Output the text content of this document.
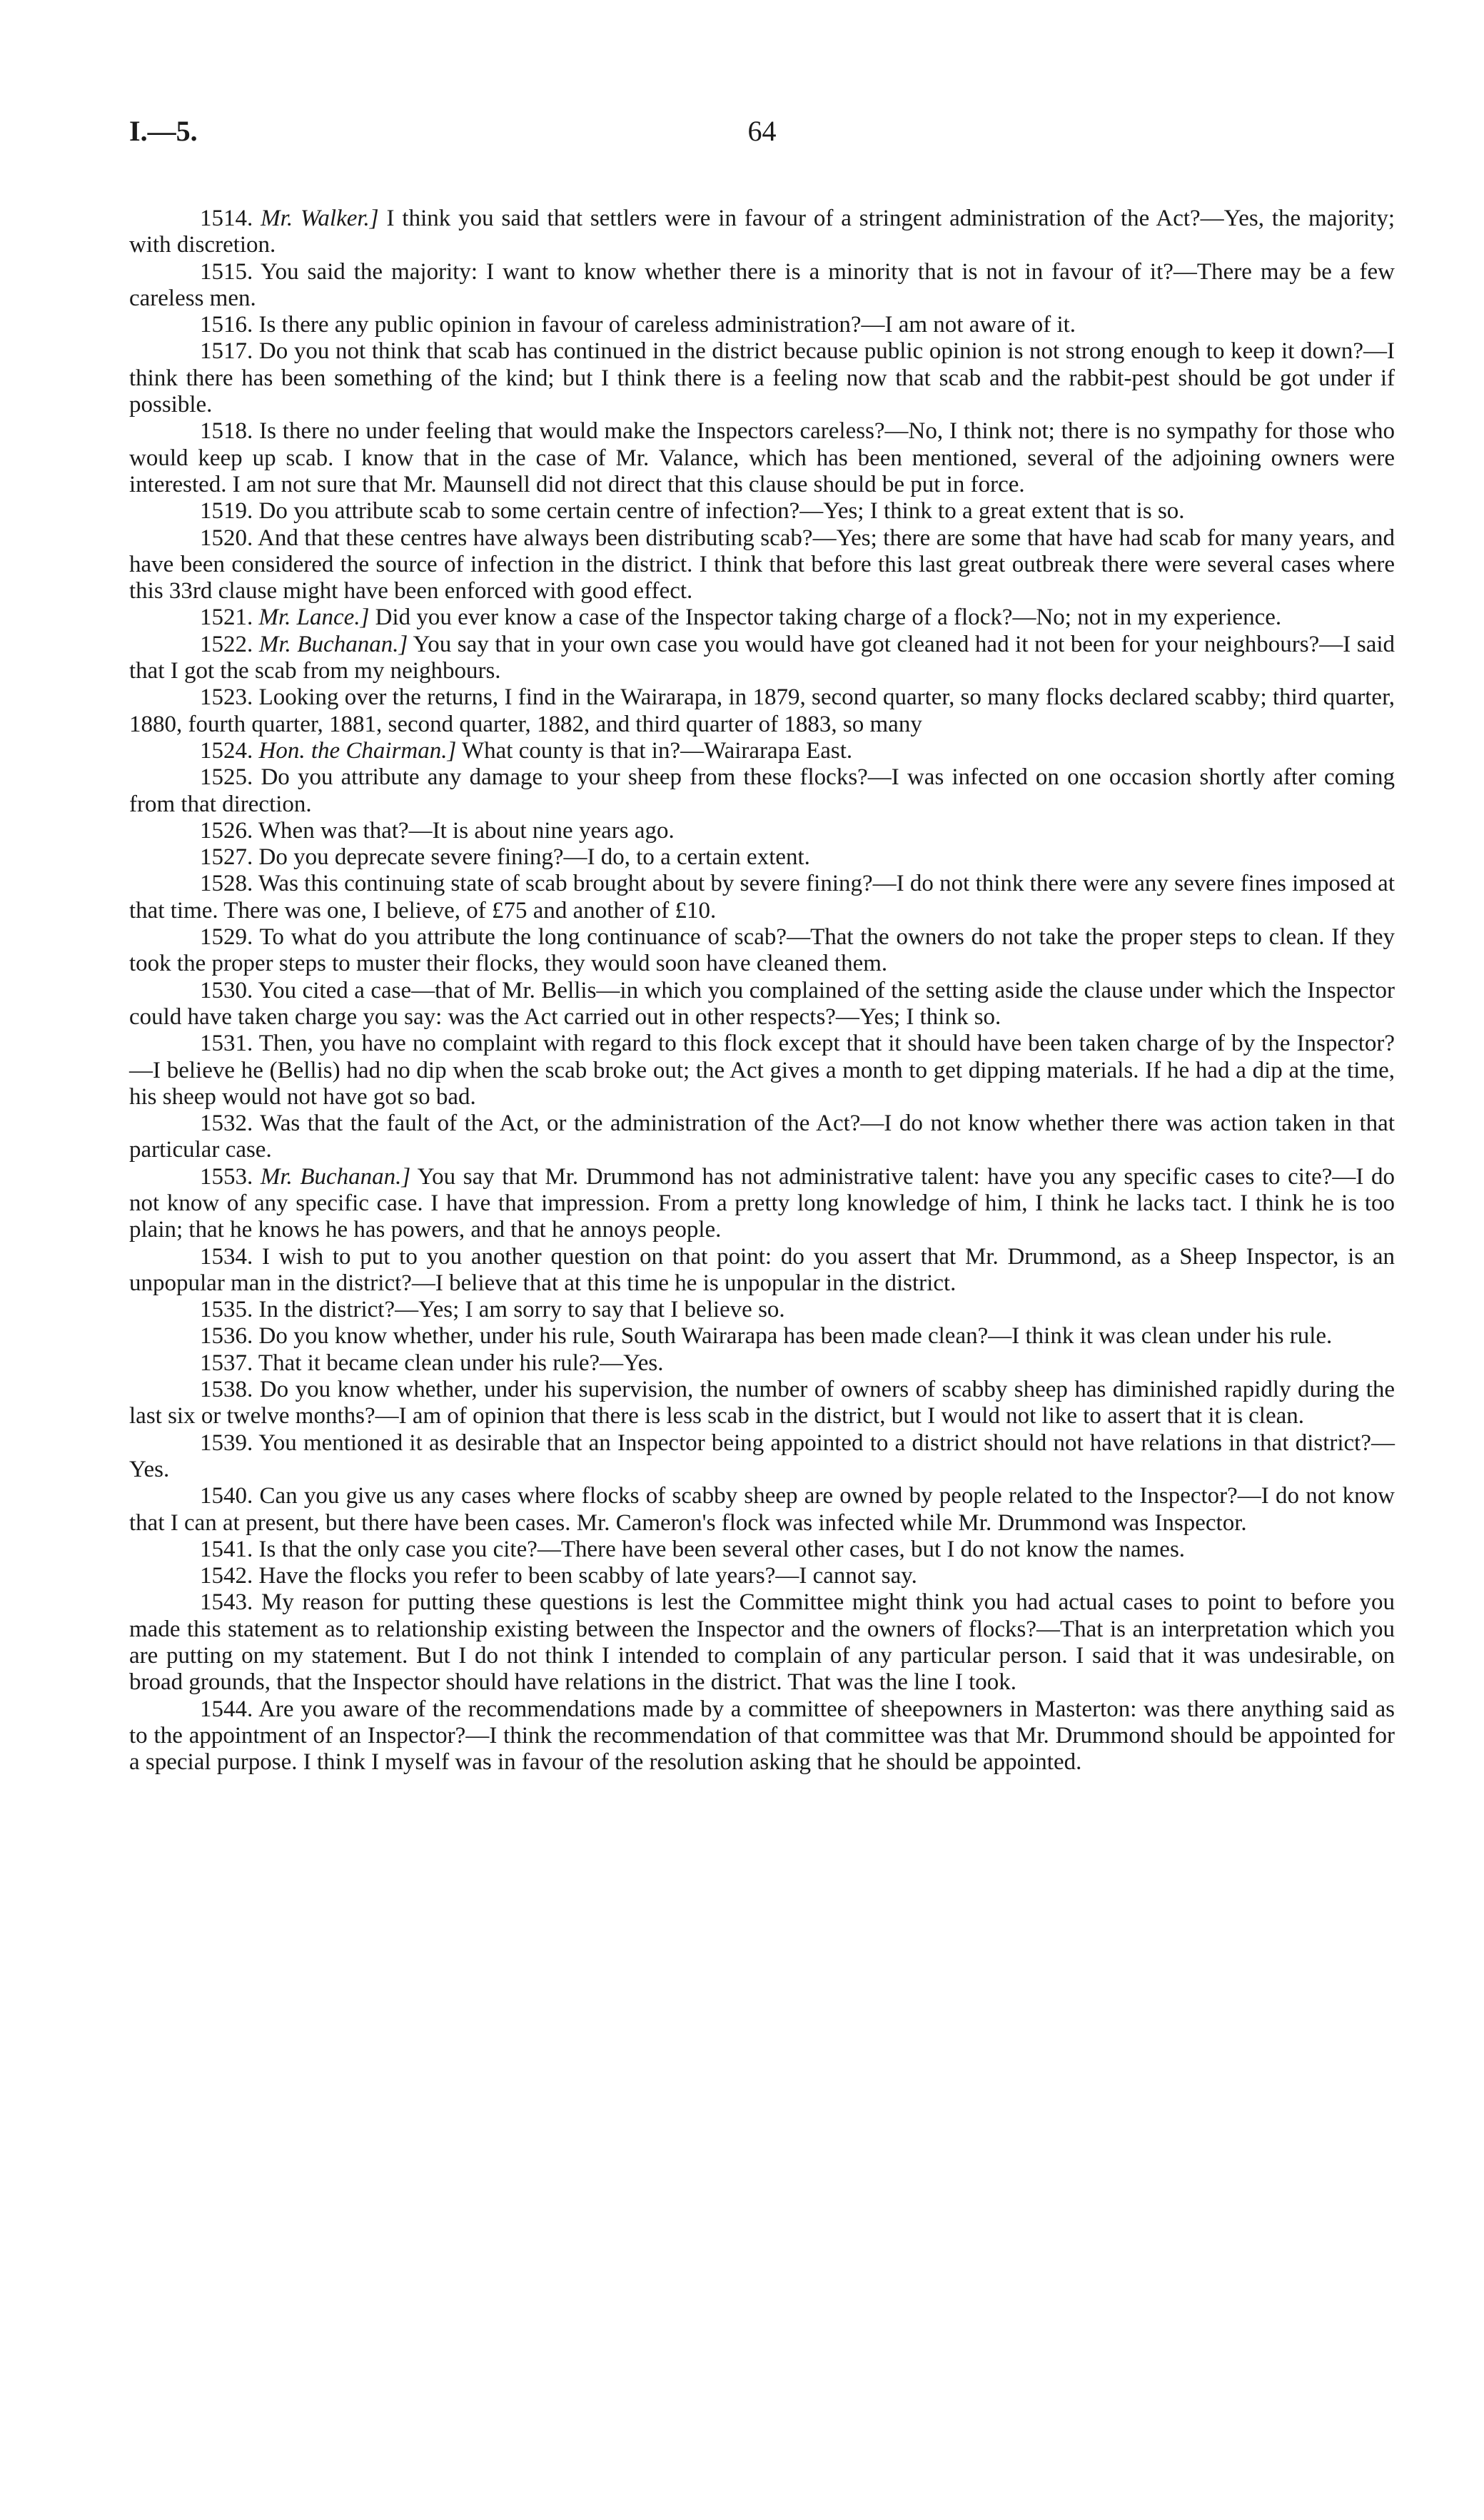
I.—5.	64

1514. Mr. Walker.] I think you said that settlers were in favour of a stringent administration of the Act?—Yes, the majority; with discretion.

1515. You said the majority: I want to know whether there is a minority that is not in favour of it?—There may be a few careless men.

1516. Is there any public opinion in favour of careless administration?—I am not aware of it.

1517. Do you not think that scab has continued in the district because public opinion is not strong enough to keep it down?—I think there has been something of the kind; but I think there is a feeling now that scab and the rabbit-pest should be got under if possible.

1518. Is there no under feeling that would make the Inspectors careless?—No, I think not; there is no sympathy for those who would keep up scab. I know that in the case of Mr. Valance, which has been mentioned, several of the adjoining owners were interested. I am not sure that Mr. Maunsell did not direct that this clause should be put in force.

1519. Do you attribute scab to some certain centre of infection?—Yes; I think to a great extent that is so.

1520. And that these centres have always been distributing scab?—Yes; there are some that have had scab for many years, and have been considered the source of infection in the district. I think that before this last great outbreak there were several cases where this 33rd clause might have been enforced with good effect.

1521. Mr. Lance.] Did you ever know a case of the Inspector taking charge of a flock?—No; not in my experience.

1522. Mr. Buchanan.] You say that in your own case you would have got cleaned had it not been for your neighbours?—I said that I got the scab from my neighbours.

1523. Looking over the returns, I find in the Wairarapa, in 1879, second quarter, so many flocks declared scabby; third quarter, 1880, fourth quarter, 1881, second quarter, 1882, and third quarter of 1883, so many

1524. Hon. the Chairman.] What county is that in?—Wairarapa East.

1525. Do you attribute any damage to your sheep from these flocks?—I was infected on one occasion shortly after coming from that direction.

1526. When was that?—It is about nine years ago.

1527. Do you deprecate severe fining?—I do, to a certain extent.

1528. Was this continuing state of scab brought about by severe fining?—I do not think there were any severe fines imposed at that time. There was one, I believe, of £75 and another of £10.

1529. To what do you attribute the long continuance of scab?—That the owners do not take the proper steps to clean. If they took the proper steps to muster their flocks, they would soon have cleaned them.

1530. You cited a case—that of Mr. Bellis—in which you complained of the setting aside the clause under which the Inspector could have taken charge you say: was the Act carried out in other respects?—Yes; I think so.

1531. Then, you have no complaint with regard to this flock except that it should have been taken charge of by the Inspector?—I believe he (Bellis) had no dip when the scab broke out; the Act gives a month to get dipping materials. If he had a dip at the time, his sheep would not have got so bad.

1532. Was that the fault of the Act, or the administration of the Act?—I do not know whether there was action taken in that particular case.

1553. Mr. Buchanan.] You say that Mr. Drummond has not administrative talent: have you any specific cases to cite?—I do not know of any specific case. I have that impression. From a pretty long knowledge of him, I think he lacks tact. I think he is too plain; that he knows he has powers, and that he annoys people.

1534. I wish to put to you another question on that point: do you assert that Mr. Drummond, as a Sheep Inspector, is an unpopular man in the district?—I believe that at this time he is unpopular in the district.

1535. In the district?—Yes; I am sorry to say that I believe so.

1536. Do you know whether, under his rule, South Wairarapa has been made clean?—I think it was clean under his rule.

1537. That it became clean under his rule?—Yes.

1538. Do you know whether, under his supervision, the number of owners of scabby sheep has diminished rapidly during the last six or twelve months?—I am of opinion that there is less scab in the district, but I would not like to assert that it is clean.

1539. You mentioned it as desirable that an Inspector being appointed to a district should not have relations in that district?—Yes.

1540. Can you give us any cases where flocks of scabby sheep are owned by people related to the Inspector?—I do not know that I can at present, but there have been cases. Mr. Cameron's flock was infected while Mr. Drummond was Inspector.

1541. Is that the only case you cite?—There have been several other cases, but I do not know the names.

1542. Have the flocks you refer to been scabby of late years?—I cannot say.

1543. My reason for putting these questions is lest the Committee might think you had actual cases to point to before you made this statement as to relationship existing between the Inspector and the owners of flocks?—That is an interpretation which you are putting on my statement. But I do not think I intended to complain of any particular person. I said that it was undesirable, on broad grounds, that the Inspector should have relations in the district. That was the line I took.

1544. Are you aware of the recommendations made by a committee of sheepowners in Masterton: was there anything said as to the appointment of an Inspector?—I think the recommendation of that committee was that Mr. Drummond should be appointed for a special purpose. I think I myself was in favour of the resolution asking that he should be appointed.
